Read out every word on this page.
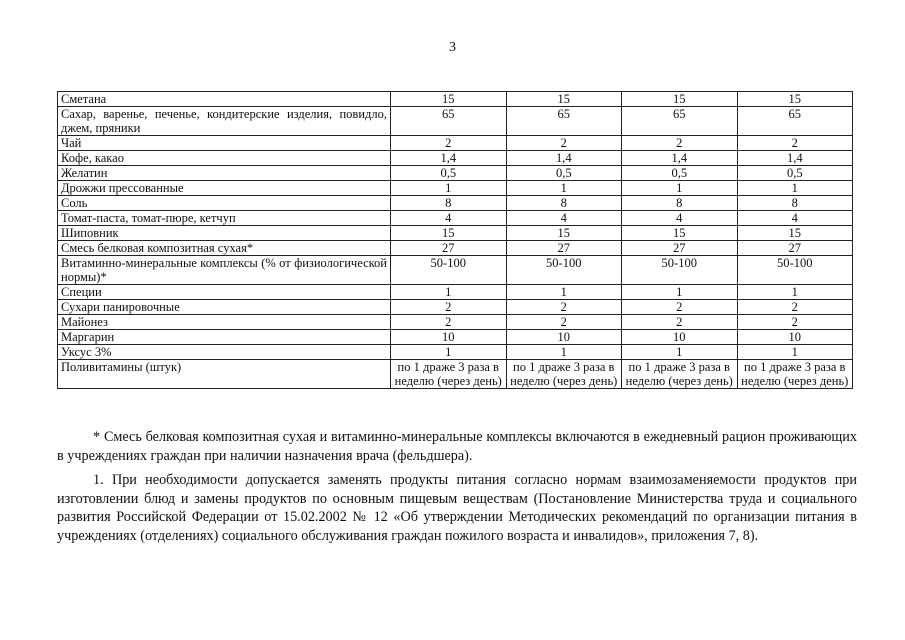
3
Сметана	15	15	15	15
Сахар, варенье, печенье, кондитерские изделия, повидло, джем, пряники	65	65	65	65
Чай	2	2	2	2
Кофе, какао	1,4	1,4	1,4	1,4
Желатин	0,5	0,5	0,5	0,5
Дрожжи прессованные	1	1	1	1
Соль	8	8	8	8
Томат-паста, томат-пюре, кетчуп	4	4	4	4
Шиповник	15	15	15	15
Смесь белковая композитная сухая*	27	27	27	27
Витаминно-минеральные комплексы (% от физиологической нормы)*	50-100	50-100	50-100	50-100
Специи	1	1	1	1
Сухари панировочные	2	2	2	2
Майонез	2	2	2	2
Маргарин	10	10	10	10
Уксус 3%	1	1	1	1
Поливитамины (штук)	по 1 драже 3 раза в неделю (через день)	по 1 драже 3 раза в неделю (через день)	по 1 драже 3 раза в неделю (через день)	по 1 драже 3 раза в неделю (через день)

* Смесь белковая композитная сухая и витаминно-минеральные комплексы включаются в ежедневный рацион проживающих в учреждениях граждан при наличии назначения врача (фельдшера).

1. При необходимости допускается заменять продукты питания согласно нормам взаимозаменяемости продуктов при изготовлении блюд и замены продуктов по основным пищевым веществам (Постановление Министерства труда и социального развития Российской Федерации от 15.02.2002 № 12 «Об утверждении Методических рекомендаций по организации питания в учреждениях (отделениях) социального обслуживания граждан пожилого возраста и инвалидов», приложения 7, 8).
